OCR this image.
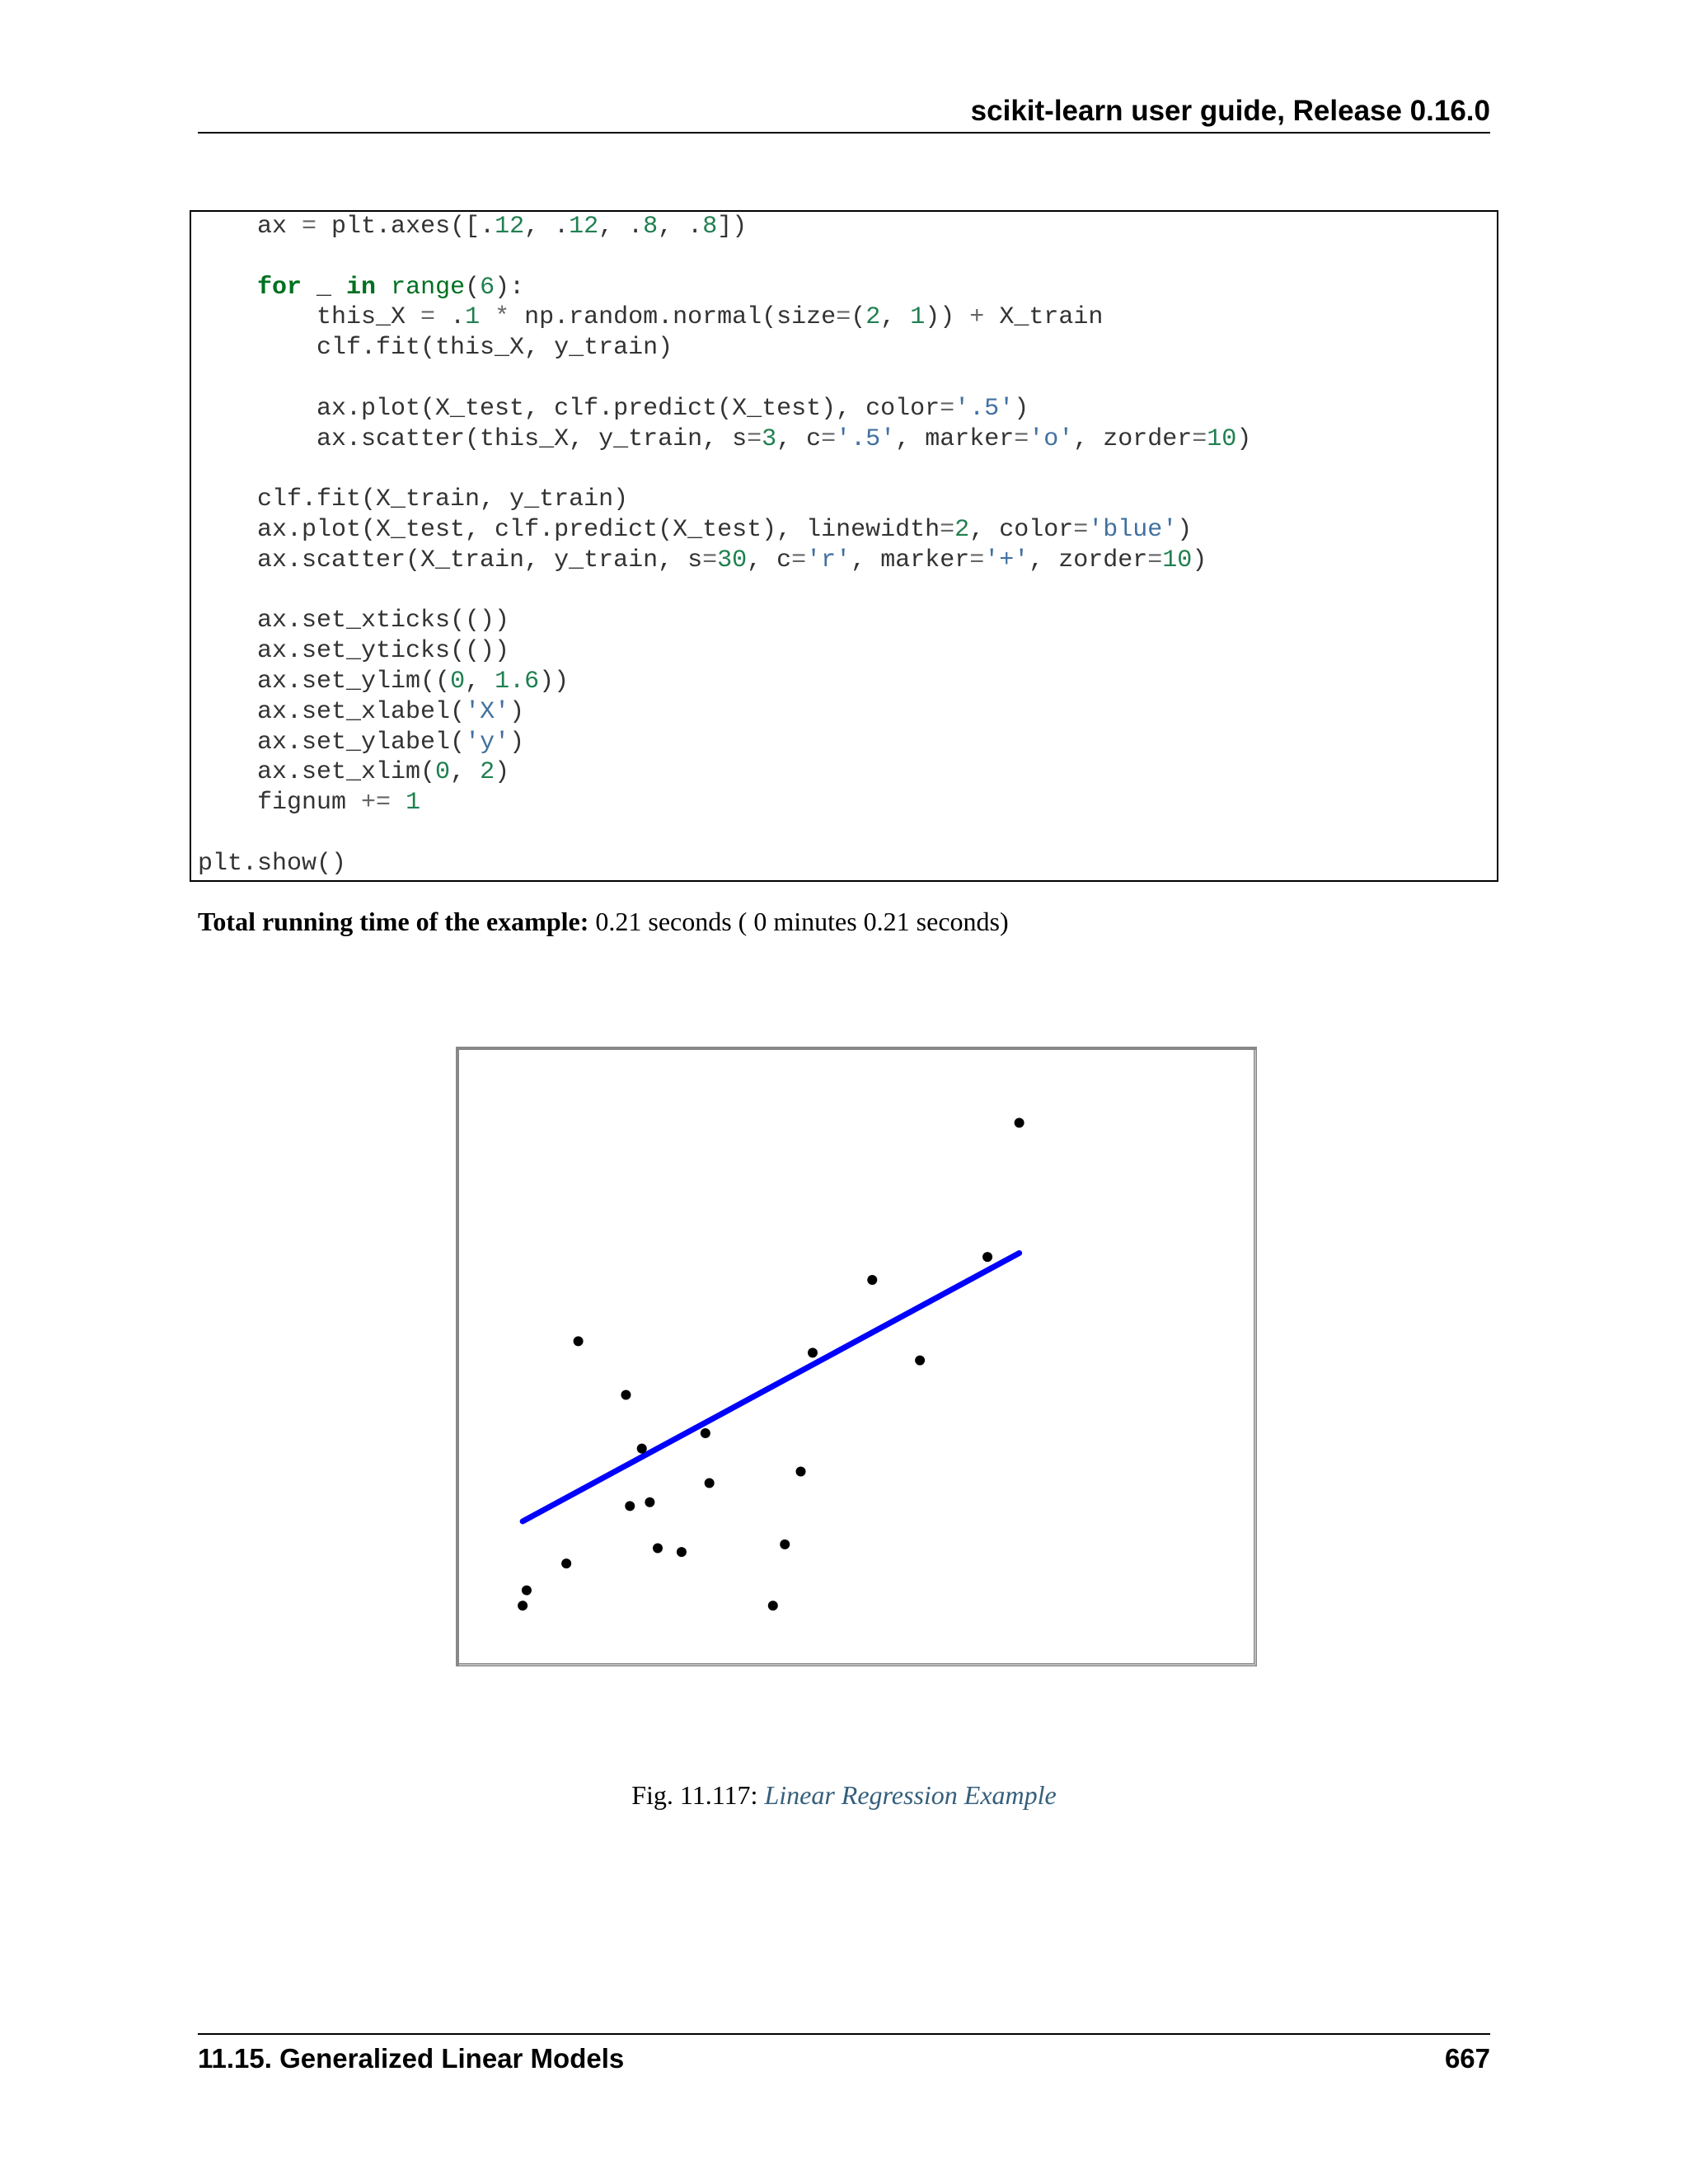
scikit-learn user guide, Release 0.16.0
ax = plt.axes([.12, .12, .8, .8])

for _ in range(6):
this_X = .1 * np.random.normal(size=(2, 1)) + X_train
clf.fit(this_X, y_train)

ax.plot(X_test, clf.predict(X_test), color='.5')
ax.scatter(this_X, y_train, s=3, c='.5', marker='o', zorder=10)

clf.fit(X_train, y_train)
ax.plot(X_test, clf.predict(X_test), linewidth=2, color='blue')
ax.scatter(X_train, y_train, s=30, c='r', marker='+', zorder=10)

ax.set_xticks(())
ax.set_yticks(())
ax.set_ylim((0, 1.6))
ax.set_xlabel('X')
ax.set_ylabel('y')
ax.set_xlim(0, 2)
fignum += 1

plt.show()
Total running time of the example: 0.21 seconds ( 0 minutes 0.21 seconds)
Fig. 11.117: Linear Regression Example
11.15. Generalized Linear Models	667
